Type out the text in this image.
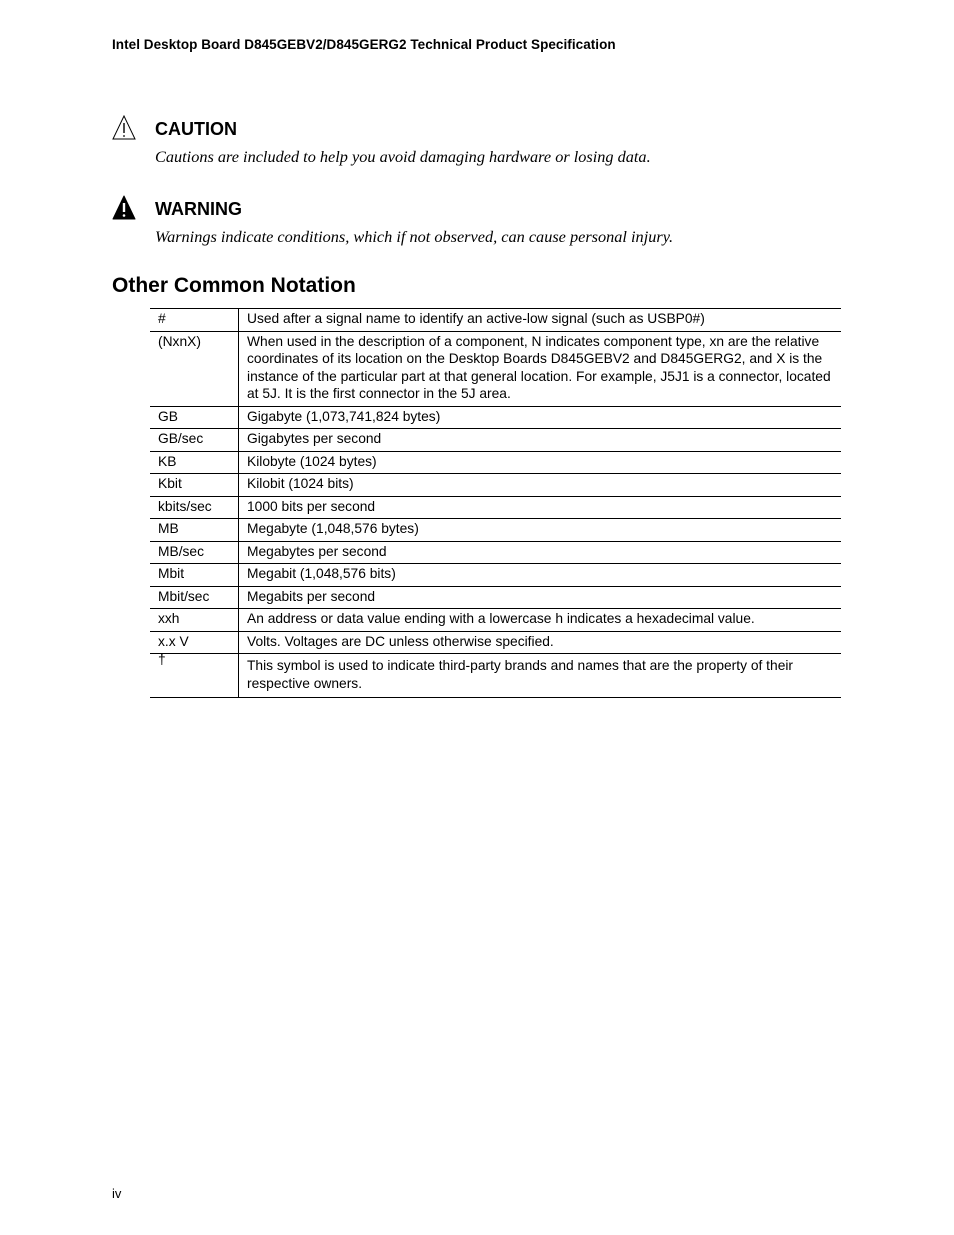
Intel Desktop Board D845GEBV2/D845GERG2 Technical Product Specification
CAUTION
Cautions are included to help you avoid damaging hardware or losing data.
WARNING
Warnings indicate conditions, which if not observed, can cause personal injury.
Other Common Notation
#	Used after a signal name to identify an active-low signal (such as USBP0#)
(NxnX)	When used in the description of a component, N indicates component type, xn are the relative coordinates of its location on the Desktop Boards D845GEBV2 and D845GERG2, and X is the instance of the particular part at that general location. For example, J5J1 is a connector, located at 5J. It is the first connector in the 5J area.
GB	Gigabyte (1,073,741,824 bytes)
GB/sec	Gigabytes per second
KB	Kilobyte (1024 bytes)
Kbit	Kilobit (1024 bits)
kbits/sec	1000 bits per second
MB	Megabyte (1,048,576 bytes)
MB/sec	Megabytes per second
Mbit	Megabit (1,048,576 bits)
Mbit/sec	Megabits per second
xxh	An address or data value ending with a lowercase h indicates a hexadecimal value.
x.x V	Volts. Voltages are DC unless otherwise specified.
†	This symbol is used to indicate third-party brands and names that are the property of their respective owners.
iv
